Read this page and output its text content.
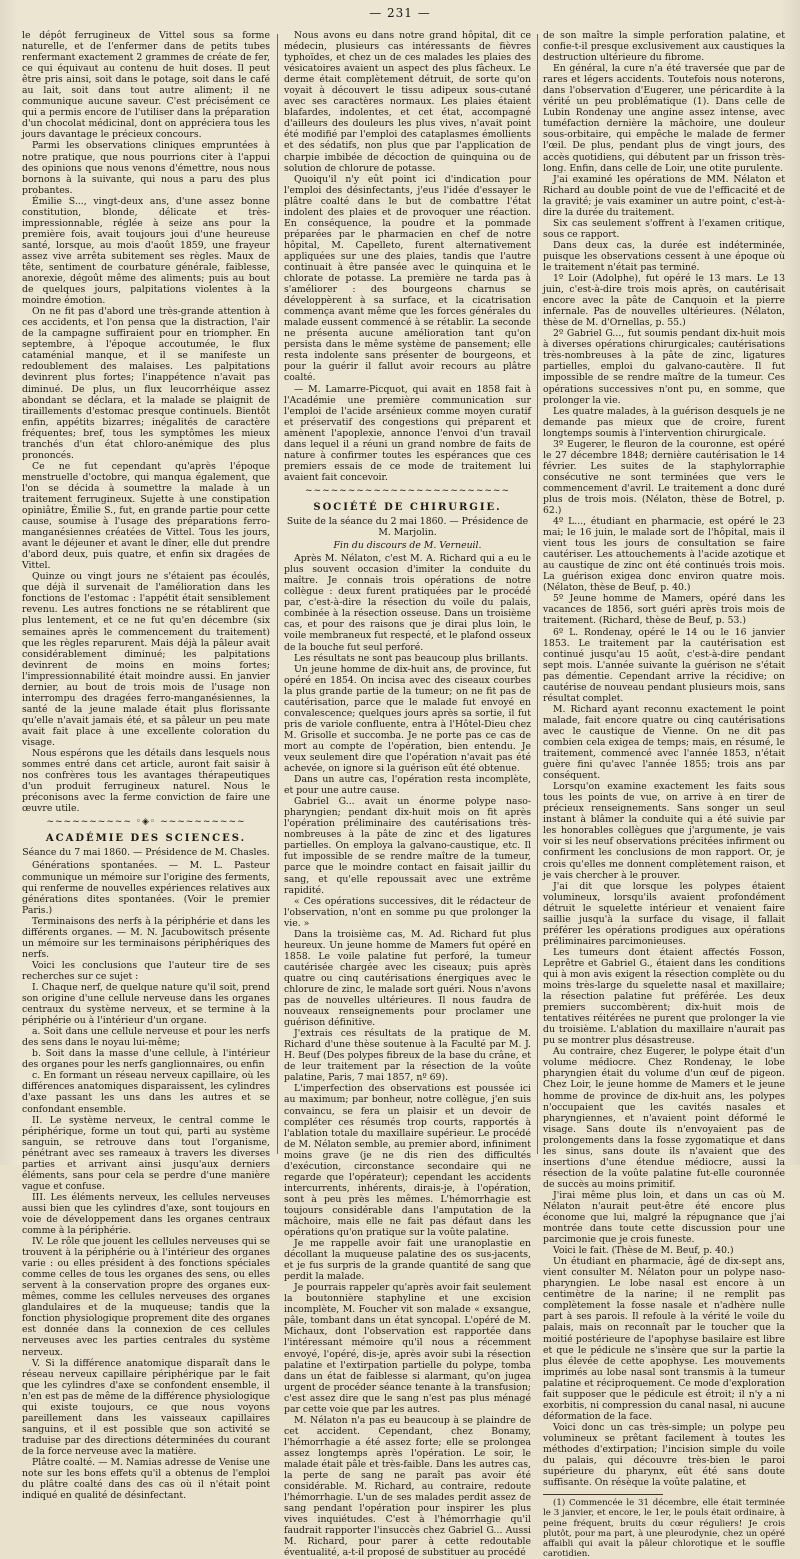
— 231 —

le dépôt ferrugineux de Vittel sous sa forme naturelle, et de l'enfermer dans de petits tubes renfermant exactement 2 grammes de créate de fer, ce qui équivaut au contenu de huit doses. Il peut être pris ainsi, soit dans le potage, soit dans le café au lait, soit dans tout autre aliment; il ne communique aucune saveur. C'est précisément ce qui a permis encore de l'utiliser dans la préparation d'un chocolat médicinal, dont on appréciera tous les jours davantage le précieux concours.

Parmi les observations cliniques empruntées à notre pratique, que nous pourrions citer à l'appui des opinions que nous venons d'émettre, nous nous bornons à la suivante, qui nous a paru des plus probantes.

Émilie S..., vingt-deux ans, d'une assez bonne constitution, blonde, délicate et très-impressionnable, réglée à seize ans pour la première fois, avait toujours joui d'une heureuse santé, lorsque, au mois d'août 1859, une frayeur assez vive arrêta subitement ses règles. Maux de tête, sentiment de courbature générale, faiblesse, anorexie, dégoût même des aliments; puis au bout de quelques jours, palpitations violentes à la moindre émotion.

On ne fit pas d'abord une très-grande attention à ces accidents, et l'on pensa que la distraction, l'air de la campagne suffiraient pour en triompher. En septembre, à l'époque accoutumée, le flux cataménial manque, et il se manifeste un redoublement des malaises. Les palpitations devinrent plus fortes; l'inappétence n'avait pas diminué. De plus, un flux leucorrhéique assez abondant se déclara, et la malade se plaignit de tiraillements d'estomac presque continuels. Bientôt enfin, appétits bizarres; inégalités de caractère fréquentes; bref, tous les symptômes les mieux tranchés d'un état chloro-anémique des plus prononcés.

Ce ne fut cependant qu'après l'époque menstruelle d'octobre, qui manqua également, que l'on se décida à soumettre la malade à un traitement ferrugineux. Sujette à une constipation opiniâtre, Émilie S., fut, en grande partie pour cette cause, soumise à l'usage des préparations ferro-manganésiennes créatées de Vittel. Tous les jours, avant le déjeuner et avant le dîner, elle dut prendre d'abord deux, puis quatre, et enfin six dragées de Vittel.

Quinze ou vingt jours ne s'étaient pas écoulés, que déjà il survenait de l'amélioration dans les fonctions de l'estomac : l'appétit était sensiblement revenu. Les autres fonctions ne se rétablirent que plus lentement, et ce ne fut qu'en décembre (six semaines après le commencement du traitement) que les règles reparurent. Mais déjà la pâleur avait considérablement diminué; les palpitations devinrent de moins en moins fortes; l'impressionnabilité était moindre aussi. En janvier dernier, au bout de trois mois de l'usage non interrompu des dragées ferro-manganésiennes, la santé de la jeune malade était plus florissante qu'elle n'avait jamais été, et sa pâleur un peu mate avait fait place à une excellente coloration du visage.

Nous espérons que les détails dans lesquels nous sommes entré dans cet article, auront fait saisir à nos confrères tous les avantages thérapeutiques d'un produit ferrugineux naturel. Nous le préconisons avec la ferme conviction de faire une œuvre utile.

~~~~~~~~~~ ◦◈◦ ~~~~~~~~~~
ACADÉMIE DES SCIENCES.
Séance du 7 mai 1860. — Présidence de M. Chasles.

Générations spontanées. — M. L. Pasteur communique un mémoire sur l'origine des ferments, qui renferme de nouvelles expériences relatives aux générations dites spontanées. (Voir le premier Paris.)

Terminaisons des nerfs à la périphérie et dans les différents organes. — M. N. Jacubowitsch présente un mémoire sur les terminaisons périphériques des nerfs.

Voici les conclusions que l'auteur tire de ses recherches sur ce sujet :

I. Chaque nerf, de quelque nature qu'il soit, prend son origine d'une cellule nerveuse dans les organes centraux du système nerveux, et se termine à la périphérie ou à l'intérieur d'un organe.

a. Soit dans une cellule nerveuse et pour les nerfs des sens dans le noyau lui-même;

b. Soit dans la masse d'une cellule, à l'intérieur des organes pour les nerfs ganglionnaires, ou enfin

c. En formant un réseau nerveux capillaire, où les différences anatomiques disparaissent, les cylindres d'axe passant les uns dans les autres et se confondant ensemble.

II. Le système nerveux, le central comme le périphérique, forme un tout qui, parti au système sanguin, se retrouve dans tout l'organisme, pénétrant avec ses rameaux à travers les diverses parties et arrivant ainsi jusqu'aux derniers éléments, sans pour cela se perdre d'une manière vague et confuse.

III. Les éléments nerveux, les cellules nerveuses aussi bien que les cylindres d'axe, sont toujours en voie de développement dans les organes centraux comme à la périphérie.

IV. Le rôle que jouent les cellules nerveuses qui se trouvent à la périphérie ou à l'intérieur des organes varie : ou elles président à des fonctions spéciales comme celles de tous les organes des sens, ou elles servent à la conservation propre des organes eux-mêmes, comme les cellules nerveuses des organes glandulaires et de la muqueuse; tandis que la fonction physiologique proprement dite des organes est donnée dans la connexion de ces cellules nerveuses avec les parties centrales du système nerveux.

V. Si la différence anatomique disparaît dans le réseau nerveux capillaire périphérique par le fait que les cylindres d'axe se confondent ensemble, il n'en est pas de même de la différence physiologique qui existe toujours, ce que nous voyons pareillement dans les vaisseaux capillaires sanguins, et il est possible que son activité se traduise par des directions déterminées du courant de la force nerveuse avec la matière.

Plâtre coalté. — M. Namias adresse de Venise une note sur les bons effets qu'il a obtenus de l'emploi du plâtre coalté dans des cas où il n'était point indiqué en qualité de désinfectant.

Nous avons eu dans notre grand hôpital, dit ce médecin, plusieurs cas intéressants de fièvres typhoïdes, et chez un de ces malades les plaies des vésicatoires avaient un aspect des plus fâcheux. Le derme était complètement détruit, de sorte qu'on voyait à découvert le tissu adipeux sous-cutané avec ses caractères normaux. Les plaies étaient blafardes, indolentes, et cet état, accompagné d'ailleurs des douleurs les plus vives, n'avait point été modifié par l'emploi des cataplasmes émollients et des sédatifs, non plus que par l'application de charpie imbibée de décoction de quinquina ou de solution de chlorure de potasse.

Quoiqu'il n'y eût point ici d'indication pour l'emploi des désinfectants, j'eus l'idée d'essayer le plâtre coalté dans le but de combattre l'état indolent des plaies et de provoquer une réaction. En conséquence, la poudre et la pommade préparées par le pharmacien en chef de notre hôpital, M. Capelleto, furent alternativement appliquées sur une des plaies, tandis que l'autre continuait à être pansée avec le quinquina et le chlorate de potasse. La première ne tarda pas à s'améliorer : des bourgeons charnus se développèrent à sa surface, et la cicatrisation commença avant même que les forces générales du malade eussent commencé à se rétablir. La seconde ne présenta aucune amélioration tant qu'on persista dans le même système de pansement; elle resta indolente sans présenter de bourgeons, et pour la guérir il fallut avoir recours au plâtre coalté.

— M. Lamarre-Picquot, qui avait en 1858 fait à l'Académie une première communication sur l'emploi de l'acide arsénieux comme moyen curatif et préservatif des congestions qui préparent et amènent l'apoplexie, annonce l'envoi d'un travail dans lequel il a réuni un grand nombre de faits de nature à confirmer toutes les espérances que ces premiers essais de ce mode de traitement lui avaient fait concevoir.

~~~~~~~~~~~~~~~~~~~~~~~~
SOCIÉTÉ DE CHIRURGIE.
Suite de la séance du 2 mai 1860. — Présidence de M. Marjolin.
Fin du discours de M. Verneuil.

Après M. Nélaton, c'est M. A. Richard qui a eu le plus souvent occasion d'imiter la conduite du maître. Je connais trois opérations de notre collègue : deux furent pratiquées par le procédé par, c'est-à-dire la résection du voile du palais, combinée à la résection osseuse. Dans un troisième cas, et pour des raisons que je dirai plus loin, le voile membraneux fut respecté, et le plafond osseux de la bouche fut seul perforé.

Les résultats ne sont pas beaucoup plus brillants.

Un jeune homme de dix-huit ans, de province, fut opéré en 1854. On incisa avec des ciseaux courbes la plus grande partie de la tumeur; on ne fit pas de cautérisation, parce que le malade fut envoyé en convalescence; quelques jours après sa sortie, il fut pris de variole confluente, entra à l'Hôtel-Dieu chez M. Grisolle et succomba. Je ne porte pas ce cas de mort au compte de l'opération, bien entendu. Je veux seulement dire que l'opération n'avait pas été achevée, on ignore si la guérison eût été obtenue.

Dans un autre cas, l'opération resta incomplète, et pour une autre cause.

Gabriel G... avait un énorme polype naso-pharyngien; pendant dix-huit mois on fit après l'opération préliminaire des cautérisations très-nombreuses à la pâte de zinc et des ligatures partielles. On employa la galvano-caustique, etc. Il fut impossible de se rendre maître de la tumeur, parce que le moindre contact en faisait jaillir du sang, et qu'elle repoussait avec une extrême rapidité.

« Ces opérations successives, dit le rédacteur de l'observation, n'ont en somme pu que prolonger la vie. »

Dans la troisième cas, M. Ad. Richard fut plus heureux. Un jeune homme de Mamers fut opéré en 1858. Le voile palatine fut perforé, la tumeur cautérisée chargée avec les ciseaux; puis après quatre ou cinq cautérisations énergiques avec le chlorure de zinc, le malade sort guéri. Nous n'avons pas de nouvelles ultérieures. Il nous faudra de nouveaux renseignements pour proclamer une guérison définitive.

J'extrais ces résultats de la pratique de M. Richard d'une thèse soutenue à la Faculté par M. J. H. Beuf (Des polypes fibreux de la base du crâne, et de leur traitement par la résection de la voûte palatine, Paris, 7 mai 1857, nº 69).

L'imperfection des observations est poussée ici au maximum; par bonheur, notre collègue, j'en suis convaincu, se fera un plaisir et un devoir de compléter ces résumés trop courts, rapportés à l'ablation totale du maxillaire supérieur. Le procédé de M. Nélaton semble, au premier abord, infiniment moins grave (je ne dis rien des difficultés d'exécution, circonstance secondaire qui ne regarde que l'opérateur); cependant les accidents intercurrents, inhérents, dirais-je, à l'opération, sont à peu près les mêmes. L'hémorrhagie est toujours considérable dans l'amputation de la mâchoire, mais elle ne fait pas défaut dans les opérations qu'on pratique sur la voûte palatine.

Je me rappelle avoir fait une uranoplastie en décollant la muqueuse palatine des os sus-jacents, et je fus surpris de la grande quantité de sang que perdit la malade.

Je pourrais rappeler qu'après avoir fait seulement la boutonnière staphyline et une excision incomplète, M. Foucher vit son malade « exsangue, pâle, tombant dans un état syncopal. L'opéré de M. Michaux, dont l'observation est rapportée dans l'intéressant mémoire qu'il nous a récemment envoyé, l'opéré, dis-je, après avoir subi la résection palatine et l'extirpation partielle du polype, tomba dans un état de faiblesse si alarmant, qu'on jugea urgent de procéder séance tenante à la transfusion; c'est assez dire que le sang n'est pas plus ménagé par cette voie que par les autres.

M. Nélaton n'a pas eu beaucoup à se plaindre de cet accident. Cependant, chez Bonamy, l'hémorrhagie a été assez forte; elle se prolongea assez longtemps après l'opération. Le soir, le malade était pâle et très-faible. Dans les autres cas, la perte de sang ne paraît pas avoir été considérable. M. Richard, au contraire, redoute l'hémorrhagie. L'un de ses malades perdit assez de sang pendant l'opération pour inspirer les plus vives inquiétudes. C'est à l'hémorrhagie qu'il faudrait rapporter l'insuccès chez Gabriel G... Aussi M. Richard, pour parer à cette redoutable éventualité, a-t-il proposé de substituer au procédé

de son maître la simple perforation palatine, et confie-t-il presque exclusivement aux caustiques la destruction ultérieure du fibrome.

En général, la cure n'a été traversée que par de rares et légers accidents. Toutefois nous noterons, dans l'observation d'Eugerer, une péricardite à la vérité un peu problématique (1). Dans celle de Lubin Rondenay une angine assez intense, avec tuméfaction dernière la mâchoire, une douleur sous-orbitaire, qui empêche le malade de fermer l'œil. De plus, pendant plus de vingt jours, des accès quotidiens, qui débutent par un frisson très-long. Enfin, dans celle de Loir, une otite purulente.

J'ai examiné les opérations de MM. Nélaton et Richard au double point de vue de l'efficacité et de la gravité; je vais examiner un autre point, c'est-à-dire la durée du traitement.

Six cas seulement s'offrent à l'examen critique, sous ce rapport.

Dans deux cas, la durée est indéterminée, puisque les observations cessent à une époque où le traitement n'était pas terminé.

1º Loir (Adolphe), fut opéré le 13 mars. Le 13 juin, c'est-à-dire trois mois après, on cautérisait encore avec la pâte de Canquoin et la pierre infernale. Pas de nouvelles ultérieures. (Nélaton, thèse de M. d'Ornellas, p. 55.)

2º Gabriel G..., fut soumis pendant dix-huit mois à diverses opérations chirurgicales; cautérisations très-nombreuses à la pâte de zinc, ligatures partielles, emploi du galvano-cautère. Il fut impossible de se rendre maître de la tumeur. Ces opérations successives n'ont pu, en somme, que prolonger la vie.

Les quatre malades, à la guérison desquels je ne demande pas mieux que de croire, furent longtemps soumis à l'intervention chirurgicale.

3º Eugerer, le fleuron de la couronne, est opéré le 27 décembre 1848; dernière cautérisation le 14 février. Les suites de la staphylorraphie consécutive ne sont terminées que vers le commencement d'avril. Le traitement a donc duré plus de trois mois. (Nélaton, thèse de Botrel, p. 62.)

4º L..., étudiant en pharmacie, est opéré le 23 mai; le 16 juin, le malade sort de l'hôpital, mais il vient tous les jours de consultation se faire cautériser. Les attouchements à l'acide azotique et au caustique de zinc ont été continués trois mois. La guérison exigea donc environ quatre mois. (Nélaton, thèse de Beuf, p. 40.)

5º Jeune homme de Mamers, opéré dans les vacances de 1856, sort guéri après trois mois de traitement. (Richard, thèse de Beuf, p. 53.)

6º L. Rondenay, opéré le 14 ou le 16 janvier 1853. Le traitement par la cautérisation est continué jusqu'au 15 août, c'est-à-dire pendant sept mois. L'année suivante la guérison ne s'était pas démentie. Cependant arrive la récidive; on cautérise de nouveau pendant plusieurs mois, sans résultat complet.

M. Richard ayant reconnu exactement le point malade, fait encore quatre ou cinq cautérisations avec le caustique de Vienne. On ne dit pas combien cela exigea de temps; mais, en résumé, le traitement, commencé avec l'année 1853, n'était guère fini qu'avec l'année 1855; trois ans par conséquent.

Lorsqu'on examine exactement les faits sous tous les points de vue, on arrive à en tirer de précieux renseignements. Sans songer un seul instant à blâmer la conduite qui a été suivie par les honorables collègues que j'argumente, je vais voir si les neuf observations précitées infirment ou confirment les conclusions de mon rapport. Or, je crois qu'elles me donnent complètement raison, et je vais chercher à le prouver.

J'ai dit que lorsque les polypes étaient volumineux, lorsqu'ils avaient profondément détruit le squelette intérieur et venaient faire saillie jusqu'à la surface du visage, il fallait préférer les opérations prodigues aux opérations préliminaires parcimonieuses.

Les tumeurs dont étaient affectés Fosson, Leprêtre et Gabriel G., étaient dans les conditions qui à mon avis exigent la résection complète ou du moins très-large du squelette nasal et maxillaire; la résection palatine fut préférée. Les deux premiers succombèrent; dix-huit mois de tentatives réitérées ne purent que prolonger la vie du troisième. L'ablation du maxillaire n'aurait pas pu se montrer plus désastreuse.

Au contraire, chez Eugerer, le polype était d'un volume médiocre. Chez Rondenay, le lobe pharyngien était du volume d'un œuf de pigeon. Chez Loir, le jeune homme de Mamers et le jeune homme de province de dix-huit ans, les polypes n'occupaient que les cavités nasales et pharyngiennes, et n'avaient point déformé le visage. Sans doute ils n'envoyaient pas de prolongements dans la fosse zygomatique et dans les sinus, sans doute ils n'avaient que des insertions d'une étendue médiocre, aussi la résection de la voûte palatine fut-elle couronnée de succès au moins primitif.

J'irai même plus loin, et dans un cas où M. Nélaton n'aurait peut-être été encore plus économe que lui, malgré la répugnance que j'ai montrée dans toute cette discussion pour une parcimonie que je crois funeste.

Voici le fait. (Thèse de M. Beuf, p. 40.)

Un étudiant en pharmacie, âgé de dix-sept ans, vient consulter M. Nélaton pour un polype naso-pharyngien. Le lobe nasal est encore à un centimètre de la narine; il ne remplit pas complètement la fosse nasale et n'adhère nulle part à ses parois. Il refoule à la vérité le voile du palais, mais on reconnaît par le toucher que la moitié postérieure de l'apophyse basilaire est libre et que le pédicule ne s'insère que sur la partie la plus élevée de cette apophyse. Les mouvements imprimés au lobe nasal sont transmis à la tumeur palatine et réciproquement. Ce mode d'exploration fait supposer que le pédicule est étroit; il n'y a ni exorbitis, ni compression du canal nasal, ni aucune déformation de la face.

Voici donc un cas très-simple; un polype peu volumineux se prêtant facilement à toutes les méthodes d'extirpation; l'incision simple du voile du palais, qui découvre très-bien le paroi supérieure du pharynx, eût été sans doute suffisante. On résèque la voûte palatine, et

(1) Commencée le 31 décembre, elle était terminée le 3 janvier, et encore, le 1er, le pouls était ordinaire, à peine fréquent, bruits du cœur réguliers! Je crois plutôt, pour ma part, à une pleurodynie, chez un opéré affaibli qui avait la pâleur chlorotique et le souffle carotidien.
